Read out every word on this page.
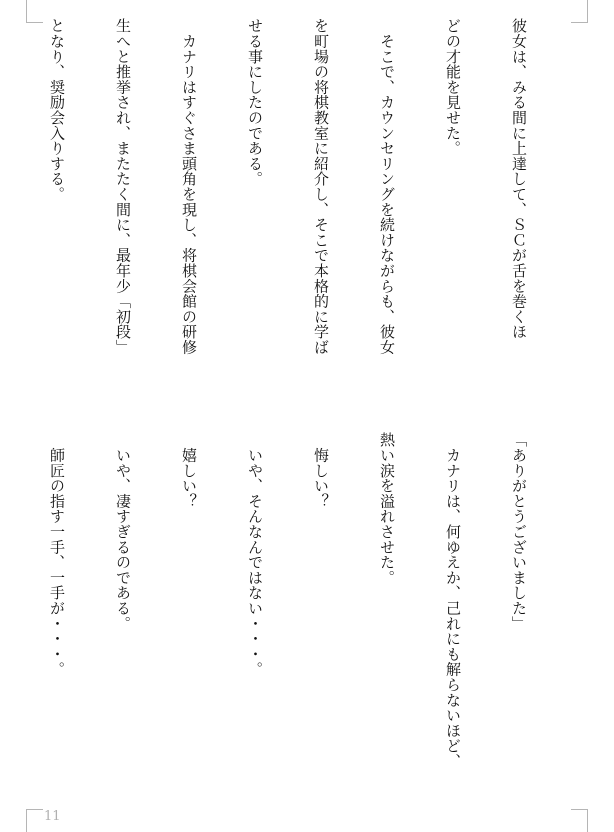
彼女は、みる間に上達して、ＳＣが舌を巻くほ

どの才能を見せた。

　そこで、カウンセリングを続けながらも、彼女

を町場の将棋教室に紹介し、そこで本格的に学ば

せる事にしたのである。

　カナリはすぐさま頭角を現し、将棋会館の研修

生へと推挙され、またたく間に、最年少「初段」

となり、奨励会入りする。

「ありがとうございました」

　カナリは、何ゆえか、己れにも解らないほど、

熱い涙を溢れさせた。

　悔しい？

　いや、そんなんではない・・・。

　嬉しい？

　いや、凄すぎるのである。

　師匠の指す一手、一手が・・・。

11
